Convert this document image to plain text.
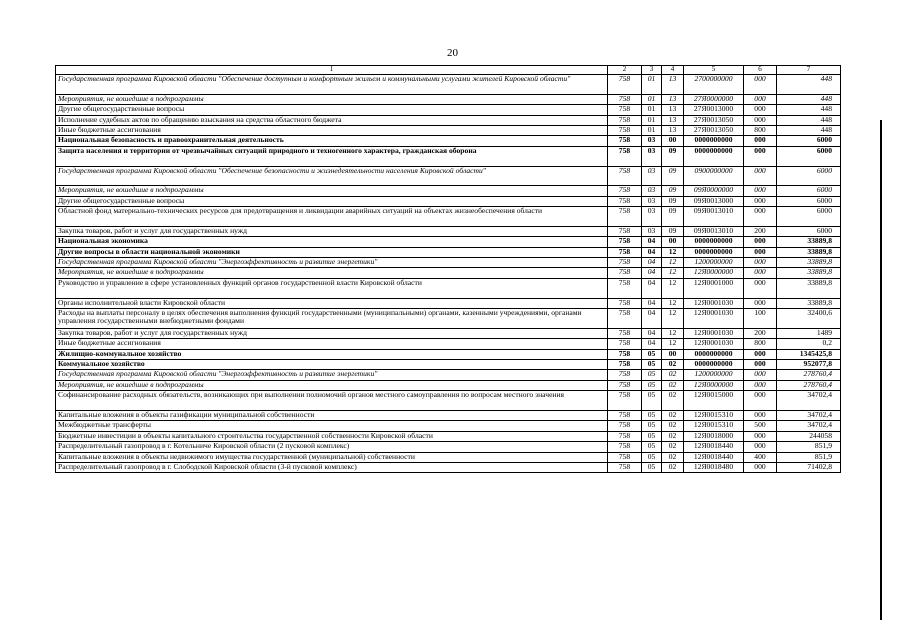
20
1	2	3	4	5	6	7
Государственная программа Кировской области "Обеспечение доступным и комфортным жильем и коммунальными услугами жителей Кировской области"	758	01	13	2700000000	000	448
Мероприятия, не вошедшие в подпрограммы	758	01	13	27Я0000000	000	448
Другие общегосударственные вопросы	758	01	13	27Я0013000	000	448
Исполнение судебных актов по обращению взыскания на средства областного бюджета	758	01	13	27Я0013050	000	448
Иные бюджетные ассигнования	758	01	13	27Я0013050	800	448
Национальная безопасность и правоохранительная деятельность	758	03	00	0000000000	000	6000
Защита населения и территории от чрезвычайных ситуаций природного и техногенного характера, гражданская оборона	758	03	09	0000000000	000	6000
Государственная программа Кировской области "Обеспечение безопасности и жизнедеятельности населения Кировской области"	758	03	09	0900000000	000	6000
Мероприятия, не вошедшие в подпрограммы	758	03	09	09Я0000000	000	6000
Другие общегосударственные вопросы	758	03	09	09Я0013000	000	6000
Областной фонд материально-технических ресурсов для предотвращения и ликвидации аварийных ситуаций на объектах жизнеобеспечения области	758	03	09	09Я0013010	000	6000
Закупка товаров, работ и услуг для государственных нужд	758	03	09	09Я0013010	200	6000
Национальная экономика	758	04	00	0000000000	000	33889,8
Другие вопросы в области национальной экономики	758	04	12	0000000000	000	33889,8
Государственная программа Кировской области "Энергоэффективность и развитие энергетики"	758	04	12	1200000000	000	33889,8
Мероприятия, не вошедшие в подпрограммы	758	04	12	12Я0000000	000	33889,8
Руководство и управление в сфере установленных функций органов государственной власти Кировской области	758	04	12	12Я0001000	000	33889,8
Органы исполнительной власти Кировской области	758	04	12	12Я0001030	000	33889,8
Расходы на выплаты персоналу в целях обеспечения выполнения функций государственными (муниципальными) органами, казенными учреждениями, органами управления государственными внебюджетными фондами	758	04	12	12Я0001030	100	32400,6
Закупка товаров, работ и услуг для государственных нужд	758	04	12	12Я0001030	200	1489
Иные бюджетные ассигнования	758	04	12	12Я0001030	800	0,2
Жилищно-коммунальное хозяйство	758	05	00	0000000000	000	1345425,8
Коммунальное хозяйство	758	05	02	0000000000	000	952077,8
Государственная программа Кировской области "Энергоэффективность и развитие энергетики"	758	05	02	1200000000	000	278760,4
Мероприятия, не вошедшие в подпрограммы	758	05	02	12Я0000000	000	278760,4
Софинансирование расходных обязательств, возникающих при выполнении полномочий органов местного самоуправления по вопросам местного значения	758	05	02	12Я0015000	000	34702,4
Капитальные вложения в объекты газификации муниципальной собственности	758	05	02	12Я0015310	000	34702,4
Межбюджетные трансферты	758	05	02	12Я0015310	500	34702,4
Бюджетные инвестиции в объекты капитального строительства государственной собственности Кировской области	758	05	02	12Я0018000	000	244058
Распределительный газопровод в г. Котельниче Кировской области (2 пусковой комплекс)	758	05	02	12Я0018440	000	851,9
Капитальные вложения в объекты недвижимого имущества государственной (муниципальной) собственности	758	05	02	12Я0018440	400	851,9
Распределительный газопровод в г. Слободской Кировской области (3-й пусковой комплекс)	758	05	02	12Я0018480	000	71402,8
